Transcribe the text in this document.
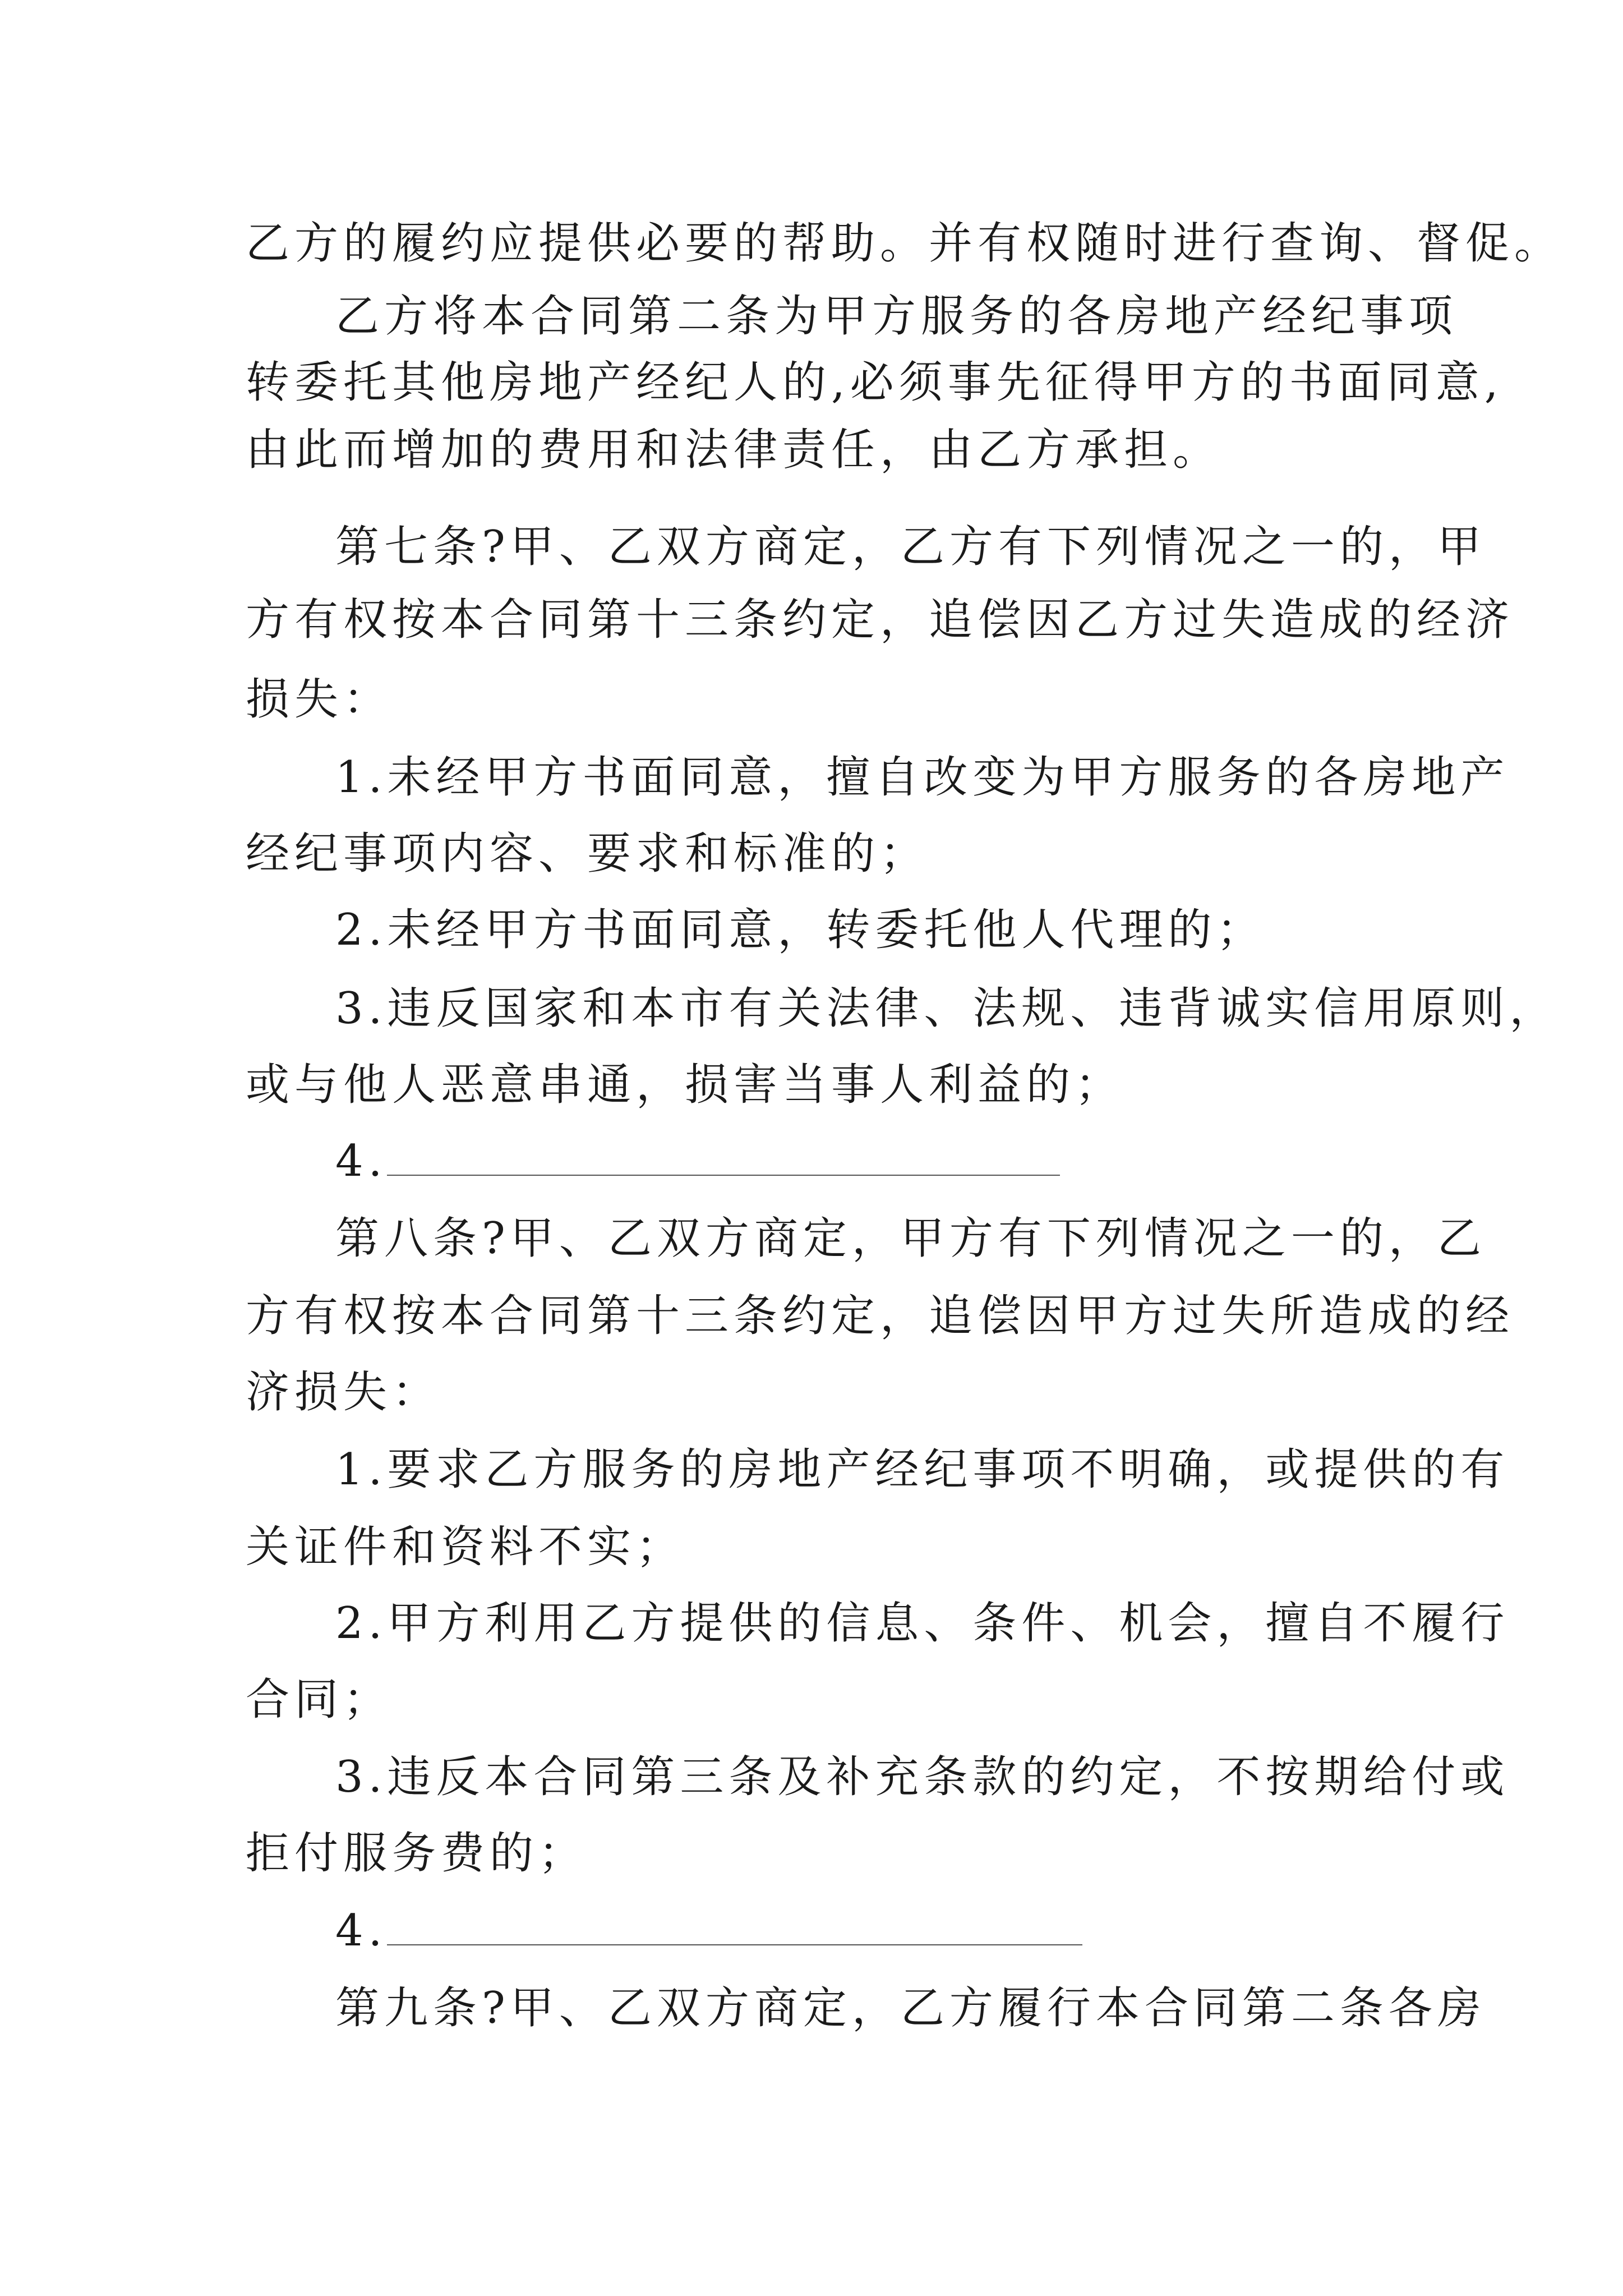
乙方的履约应提供必要的帮助。并有权随时进行查询、督促。
乙方将本合同第二条为甲方服务的各房地产经纪事项
转委托其他房地产经纪人的,必须事先征得甲方的书面同意,
由此而增加的费用和法律责任，由乙方承担。
第七条?甲、乙双方商定，乙方有下列情况之一的，甲
方有权按本合同第十三条约定，追偿因乙方过失造成的经济
损失：
1.未经甲方书面同意，擅自改变为甲方服务的各房地产
经纪事项内容、要求和标准的；
2.未经甲方书面同意，转委托他人代理的；
3.违反国家和本市有关法律、法规、违背诚实信用原则，
或与他人恶意串通，损害当事人利益的；
4.
第八条?甲、乙双方商定，甲方有下列情况之一的，乙
方有权按本合同第十三条约定，追偿因甲方过失所造成的经
济损失：
1.要求乙方服务的房地产经纪事项不明确，或提供的有
关证件和资料不实；
2.甲方利用乙方提供的信息、条件、机会，擅自不履行
合同；
3.违反本合同第三条及补充条款的约定，不按期给付或
拒付服务费的；
4.
第九条?甲、乙双方商定，乙方履行本合同第二条各房
